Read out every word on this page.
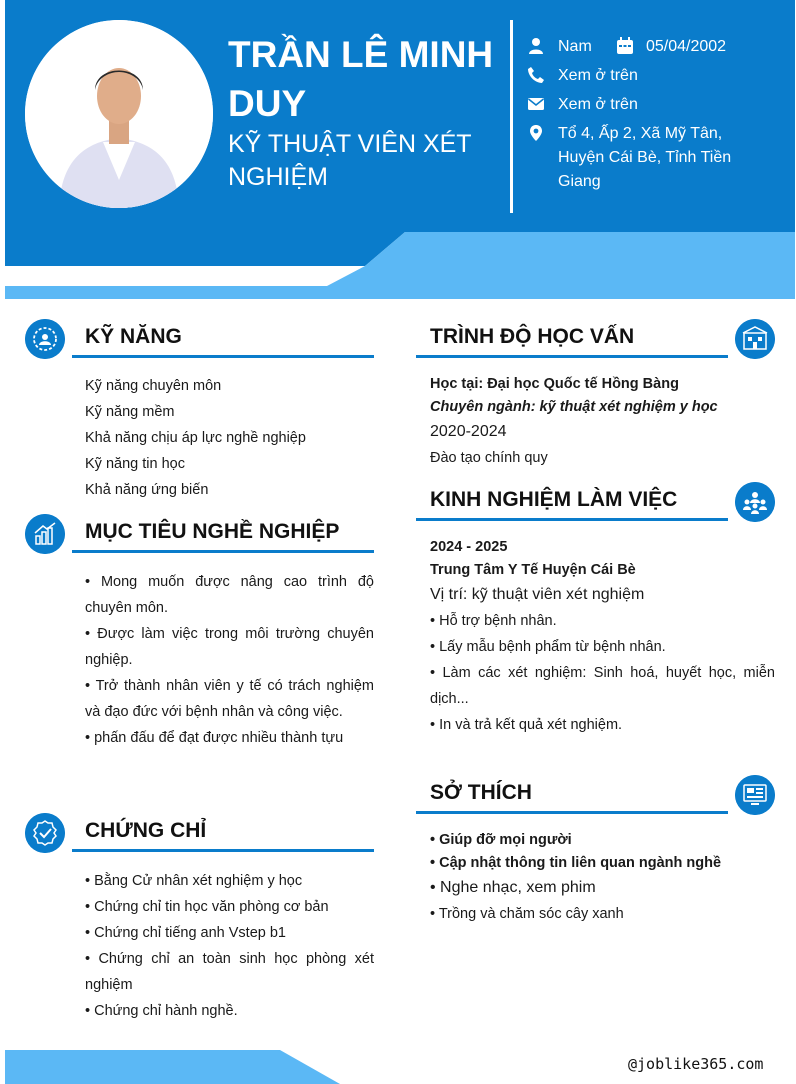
TRẦN LÊ MINH
DUY
KỸ THUẬT VIÊN XÉT
NGHIỆM
Nam	05/04/2002
Xem ở trên
Xem ở trên
Tổ 4, Ấp 2, Xã Mỹ Tân,
Huyện Cái Bè, Tỉnh Tiền
Giang
KỸ NĂNG
Kỹ năng chuyên môn
Kỹ năng mềm
Khả năng chịu áp lực nghề nghiệp
Kỹ năng tin học
Khả năng ứng biến
MỤC TIÊU NGHỀ NGHIỆP
• Mong muốn được nâng cao trình độ chuyên môn.
• Được làm việc trong môi trường chuyên nghiệp.
• Trở thành nhân viên y tế có trách nghiệm và đạo đức với bệnh nhân và công việc.
• phấn đấu để đạt được nhiều thành tựu
CHỨNG CHỈ
• Bằng Cử nhân xét nghiệm y học
• Chứng chỉ tin học văn phòng cơ bản
• Chứng chỉ tiếng anh Vstep b1
• Chứng chỉ an toàn sinh học phòng xét nghiệm
• Chứng chỉ hành nghề.
TRÌNH ĐỘ HỌC VẤN
Học tại: Đại học Quốc tế Hồng Bàng
Chuyên ngành: kỹ thuật xét nghiệm y học
2020-2024
Đào tạo chính quy
KINH NGHIỆM LÀM VIỆC
2024 - 2025
Trung Tâm Y Tế Huyện Cái Bè
Vị trí: kỹ thuật viên xét nghiệm
• Hỗ trợ bệnh nhân.
• Lấy mẫu bệnh phẩm từ bệnh nhân.
• Làm các xét nghiệm: Sinh hoá, huyết học, miễn dịch...
• In và trả kết quả xét nghiệm.
SỞ THÍCH
• Giúp đỡ mọi người
• Cập nhật thông tin liên quan ngành nghề
• Nghe nhạc, xem phim
• Trồng và chăm sóc cây xanh
@joblike365.com
